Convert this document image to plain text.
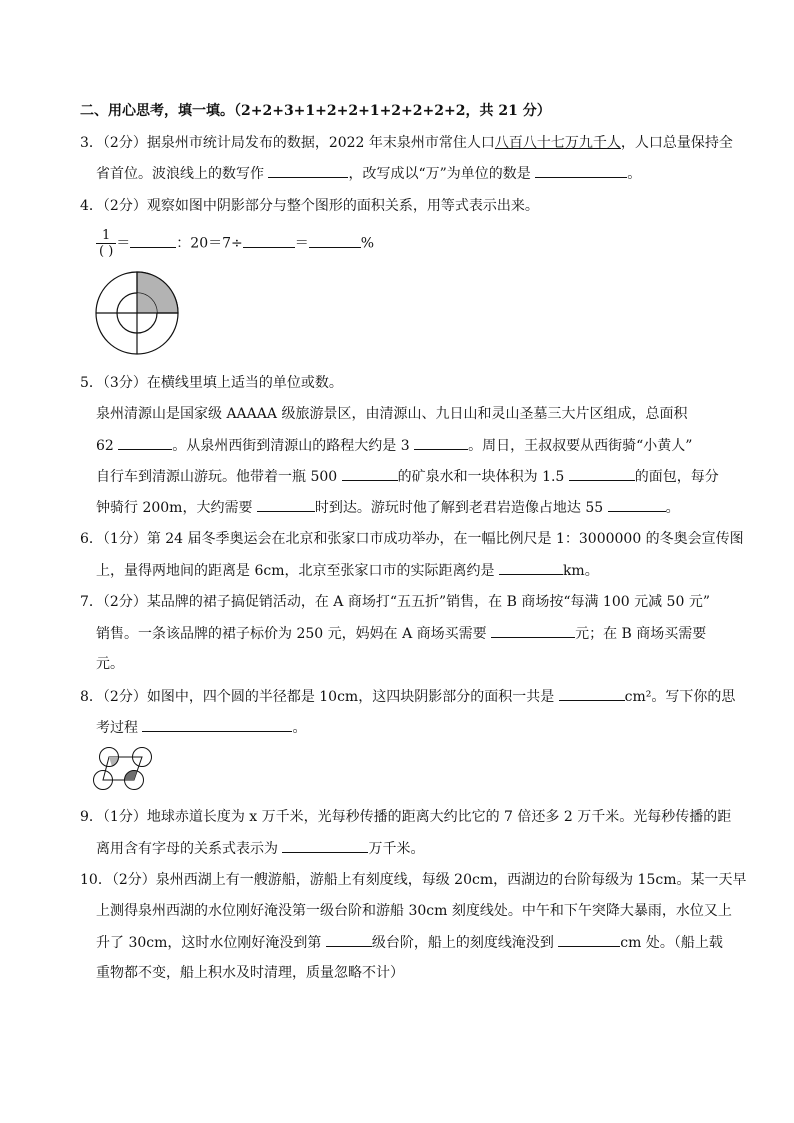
二、用心思考，填一填。（2+2+3+1+2+2+1+2+2+2+2，共 21 分）
3．（2分）据泉州市统计局发布的数据，2022 年末泉州市常住人口八百八十七万九千人，人口总量保持全
省首位。波浪线上的数写作	，改写成以“万”为单位的数是	。
4．（2分）观察如图中阴影部分与整个图形的面积关系，用等式表示出来。
$\frac{1}{( )}$ ＝	：20＝7÷	＝	%
5．（3分）在横线里填上适当的单位或数。
泉州清源山是国家级 AAAAA 级旅游景区，由清源山、九日山和灵山圣墓三大片区组成，总面积
62	。从泉州西街到清源山的路程大约是 3	。周日，王叔叔要从西街骑“小黄人”
自行车到清源山游玩。他带着一瓶 500	的矿泉水和一块体积为 1.5	的面包，每分
钟骑行 200m，大约需要	时到达。游玩时他了解到老君岩造像占地达 55	。
6．（1分）第 24 届冬季奥运会在北京和张家口市成功举办，在一幅比例尺是 1：3000000 的冬奥会宣传图
上，量得两地间的距离是 6cm，北京至张家口市的实际距离约是	km。
7．（2分）某品牌的裙子搞促销活动，在 A 商场打“五五折”销售，在 B 商场按“每满 100 元减 50 元”
销售。一条该品牌的裙子标价为 250 元，妈妈在 A 商场买需要	元；在 B 商场买需要
元。
8．（2分）如图中，四个圆的半径都是 10cm，这四块阴影部分的面积一共是	cm²。写下你的思
考过程	。
9．（1分）地球赤道长度为 x 万千米，光每秒传播的距离大约比它的 7 倍还多 2 万千米。光每秒传播的距
离用含有字母的关系式表示为	万千米。
10．（2分）泉州西湖上有一艘游船，游船上有刻度线，每级 20cm，西湖边的台阶每级为 15cm。某一天早
上测得泉州西湖的水位刚好淹没第一级台阶和游船 30cm 刻度线处。中午和下午突降大暴雨，水位又上
升了 30cm，这时水位刚好淹没到第	级台阶，船上的刻度线淹没到	cm 处。（船上载
重物都不变，船上积水及时清理，质量忽略不计）
